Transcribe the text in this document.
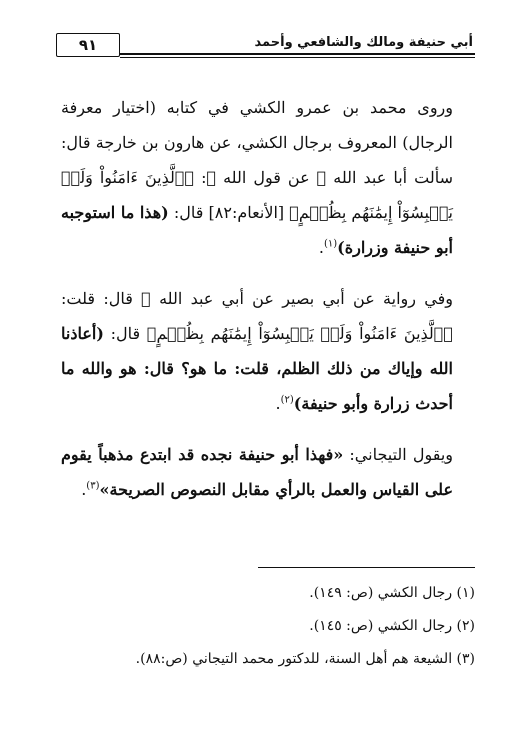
أبي حنيفة ومالك والشافعي وأحمد
٩١

وروى محمد بن عمرو الكشي في كتابه (اختيار معرفة الرجال) المعروف برجال الكشي، عن هارون بن خارجة قال: سألت أبا عبد الله ﷺ عن قول الله ﷻ: ﴿ٱلَّذِينَ ءَامَنُواْ وَلَمۡ يَلۡبِسُوٓاْ إِيمَٰنَهُم بِظُلۡمٍ﴾ [الأنعام:٨٢] قال: (هذا ما استوجبه أبو حنيفة وزرارة)$^{(١)}$.

وفي رواية عن أبي بصير عن أبي عبد الله ﷺ قال: قلت: ﴿ٱلَّذِينَ ءَامَنُواْ وَلَمۡ يَلۡبِسُوٓاْ إِيمَٰنَهُم بِظُلۡمٍ﴾ قال: (أعاذنا الله وإياك من ذلك الظلم، قلت: ما هو؟ قال: هو والله ما أحدث زرارة وأبو حنيفة)$^{(٢)}$.

ويقول التيجاني: «فهذا أبو حنيفة نجده قد ابتدع مذهباً يقوم على القياس والعمل بالرأي مقابل النصوص الصريحة»$^{(٣)}$.

(١) رجال الكشي (ص: ١٤٩).
(٢) رجال الكشي (ص: ١٤٥).
(٣) الشيعة هم أهل السنة، للدكتور محمد التيجاني (ص:٨٨).
